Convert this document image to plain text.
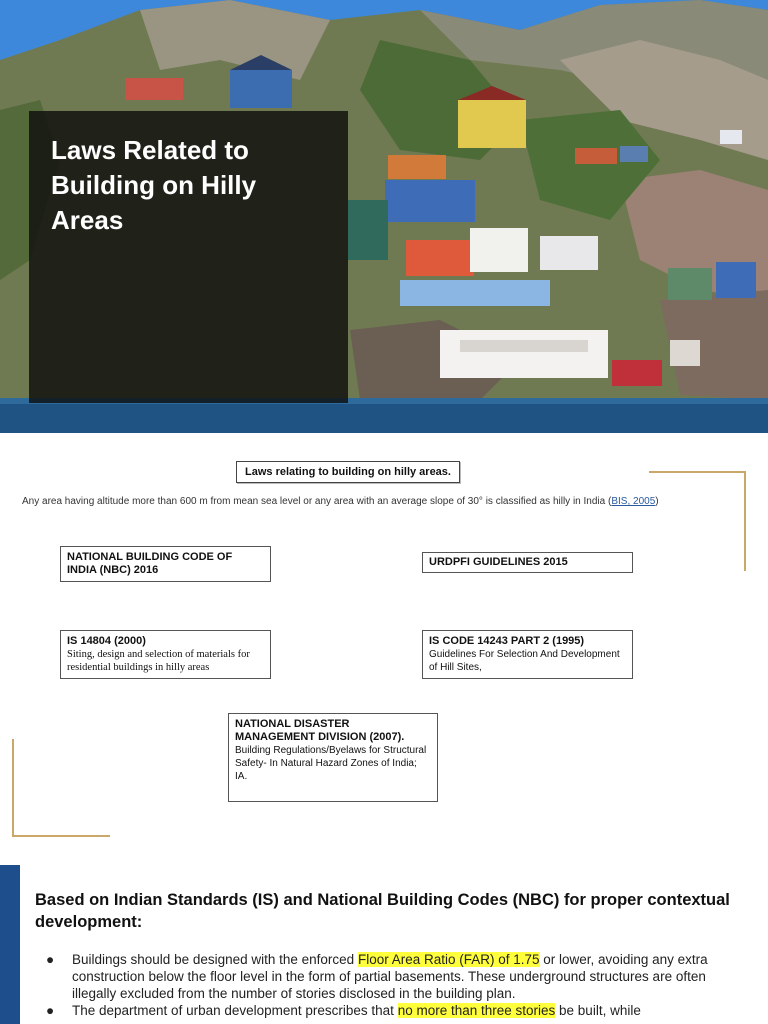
Laws Related to Building on Hilly Areas
Laws relating to building on hilly areas.
Any area having altitude more than 600 m from mean sea level or any area with an average slope of 30° is classified as hilly in India (BIS, 2005)
NATIONAL BUILDING CODE OF INDIA (NBC) 2016
URDPFI GUIDELINES 2015
IS 14804 (2000)
Siting, design and selection of materials for residential buildings in hilly areas
IS CODE 14243 PART 2 (1995)
Guidelines For Selection And Development of Hill Sites,
NATIONAL DISASTER MANAGEMENT DIVISION (2007).
Building Regulations/Byelaws for Structural Safety- In Natural Hazard Zones of India; IA.
Based on Indian Standards (IS) and National Building Codes (NBC) for proper contextual development:
● Buildings should be designed with the enforced Floor Area Ratio (FAR) of 1.75 or lower, avoiding any extra construction below the floor level in the form of partial basements. These underground structures are often illegally excluded from the number of stories disclosed in the building plan.
● The department of urban development prescribes that no more than three stories be built, while
